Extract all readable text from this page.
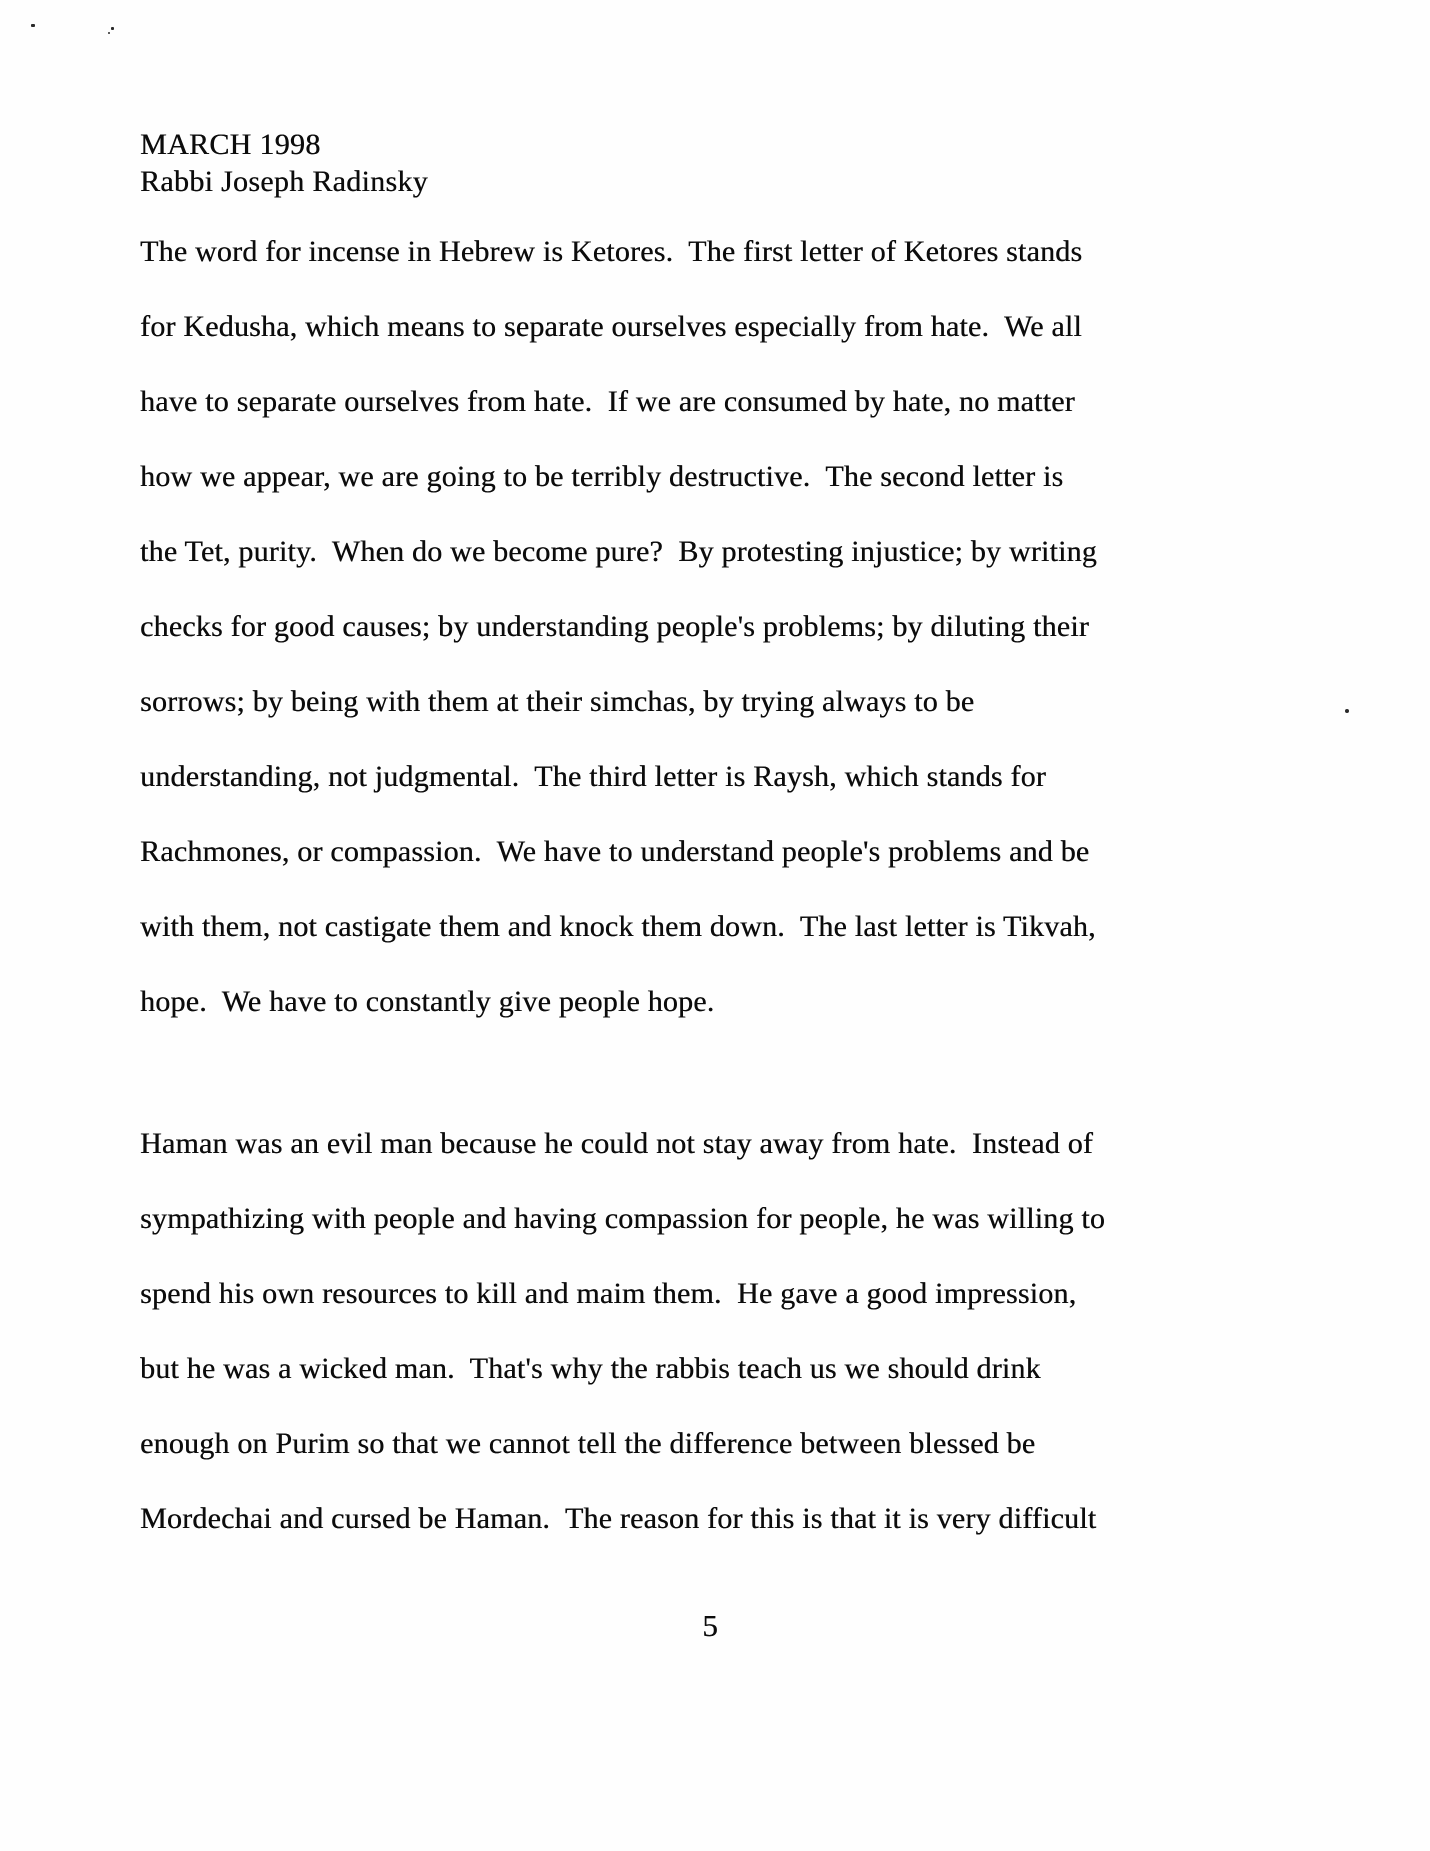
MARCH 1998
Rabbi Joseph Radinsky
The word for incense in Hebrew is Ketores.  The first letter of Ketores stands
for Kedusha, which means to separate ourselves especially from hate.  We all
have to separate ourselves from hate.  If we are consumed by hate, no matter
how we appear, we are going to be terribly destructive.  The second letter is
the Tet, purity.  When do we become pure?  By protesting injustice; by writing
checks for good causes; by understanding people's problems; by diluting their
sorrows; by being with them at their simchas, by trying always to be
understanding, not judgmental.  The third letter is Raysh, which stands for
Rachmones, or compassion.  We have to understand people's problems and be
with them, not castigate them and knock them down.  The last letter is Tikvah,
hope.  We have to constantly give people hope.
Haman was an evil man because he could not stay away from hate.  Instead of
sympathizing with people and having compassion for people, he was willing to
spend his own resources to kill and maim them.  He gave a good impression,
but he was a wicked man.  That's why the rabbis teach us we should drink
enough on Purim so that we cannot tell the difference between blessed be
Mordechai and cursed be Haman.  The reason for this is that it is very difficult
5
